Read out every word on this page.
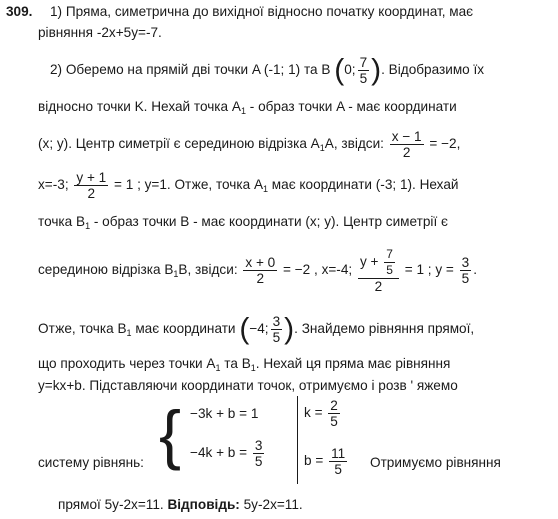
309. 1) Пряма, симетрична до вихідної відносно початку координат, має
рівняння -2x+5y=-7.
2) Оберемо на прямій дві точки A (-1; 1) та B (0; $\frac{7}{5}$ ). Відобразимо їх
відносно точки K. Нехай точка $A_1$ - образ точки A - має координати
(x; y). Центр симетрії є серединою відрізка $A_1A$, звідси: $\frac{x - 1}{2} = -2$,
x=-3; $\frac{y + 1}{2} = 1$ ; y=1. Отже, точка $A_1$ має координати (-3; 1). Нехай
точка $B_1$ - образ точки B - має координати (x; y). Центр симетрії є
серединою відрізка $B_1B$, звідси: $\frac{x + 0}{2} = -2$ , x=-4; $\frac{y + \frac{7}{5}}{2} = 1$ ; $y = \frac{3}{5}$ .
Отже, точка $B_1$ має координати (−4; $\frac{3}{5}$ ). Знайдемо рівняння прямої,
що проходить через точки $A_1$ та $B_1$. Нехай ця пряма має рівняння
y=kx+b. Підставляючи координати точок, отримуємо і розв ' яжемо
систему рівнянь: { −3k + b = 1
$-4k + b = \frac{3}{5}$
$k = \frac{2}{5}$
$b = \frac{11}{5}$ Отримуємо рівняння
прямої 5y-2x=11. Відповідь: 5y-2x=11.
